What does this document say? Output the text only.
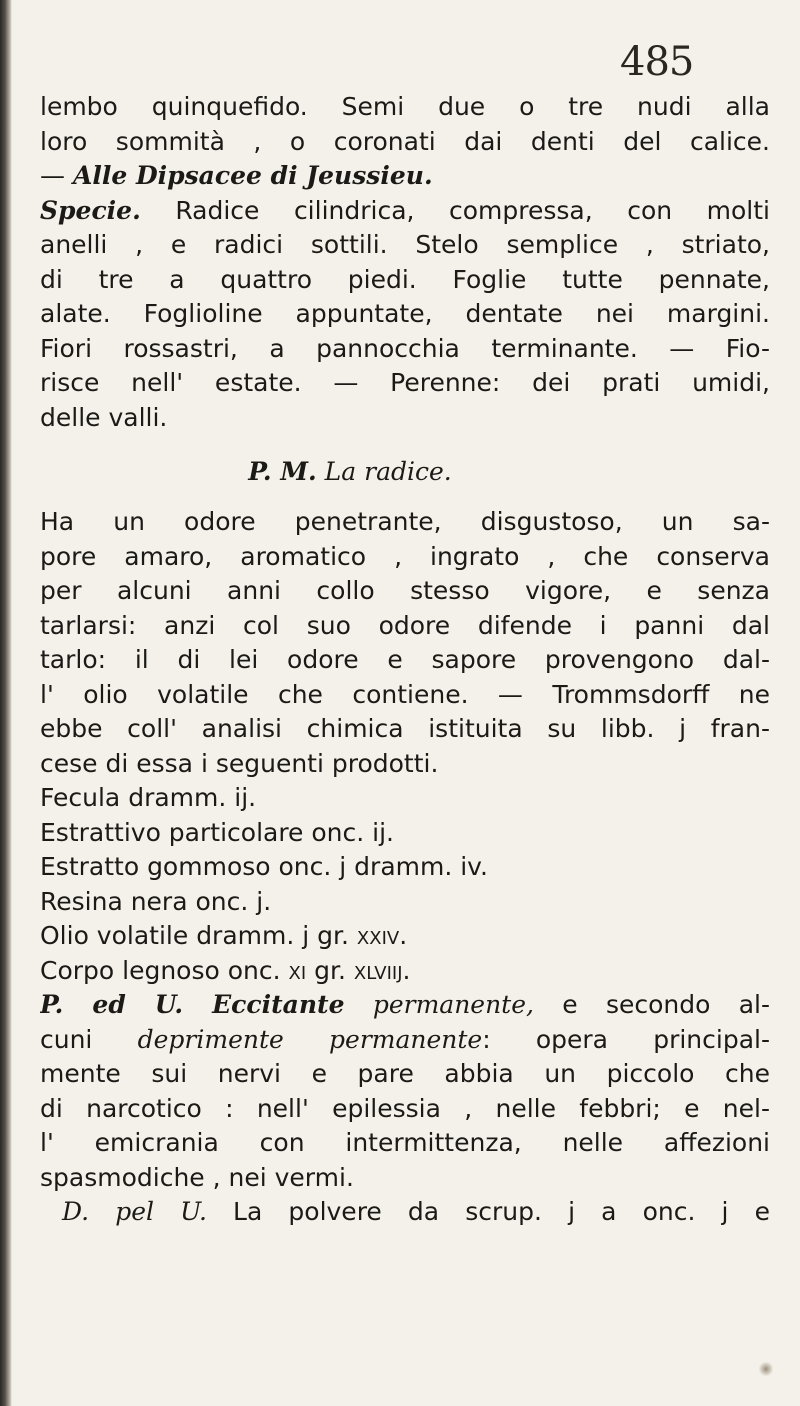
485
lembo quinquefido. Semi due o tre nudi alla
loro sommità , o coronati dai denti del calice.
— Alle Dipsacee di Jeussieu.
Specie. Radice cilindrica, compressa, con molti
anelli , e radici sottili. Stelo semplice , striato,
di tre a quattro piedi. Foglie tutte pennate,
alate. Foglioline appuntate, dentate nei margini.
Fiori rossastri, a pannocchia terminante. — Fio-
risce nell' estate. — Perenne: dei prati umidi,
delle valli.
P. M. La radice.
Ha un odore penetrante, disgustoso, un sa-
pore amaro, aromatico , ingrato , che conserva
per alcuni anni collo stesso vigore, e senza
tarlarsi: anzi col suo odore difende i panni dal
tarlo: il di lei odore e sapore provengono dal-
l' olio volatile che contiene. — Trommsdorff ne
ebbe coll' analisi chimica istituita su libb. j fran-
cese di essa i seguenti prodotti.
Fecula dramm. ij.
Estrattivo particolare onc. ij.
Estratto gommoso onc. j dramm. iv.
Resina nera onc. j.
Olio volatile dramm. j gr. xxiv.
Corpo legnoso onc. xi gr. xlviij.
P. ed U. Eccitante permanente, e secondo al-
cuni deprimente permanente: opera principal-
mente sui nervi e pare abbia un piccolo che
di narcotico : nell' epilessia , nelle febbri; e nel-
l' emicrania con intermittenza, nelle affezioni
spasmodiche , nei vermi.
D. pel U. La polvere da scrup. j a onc. j e
